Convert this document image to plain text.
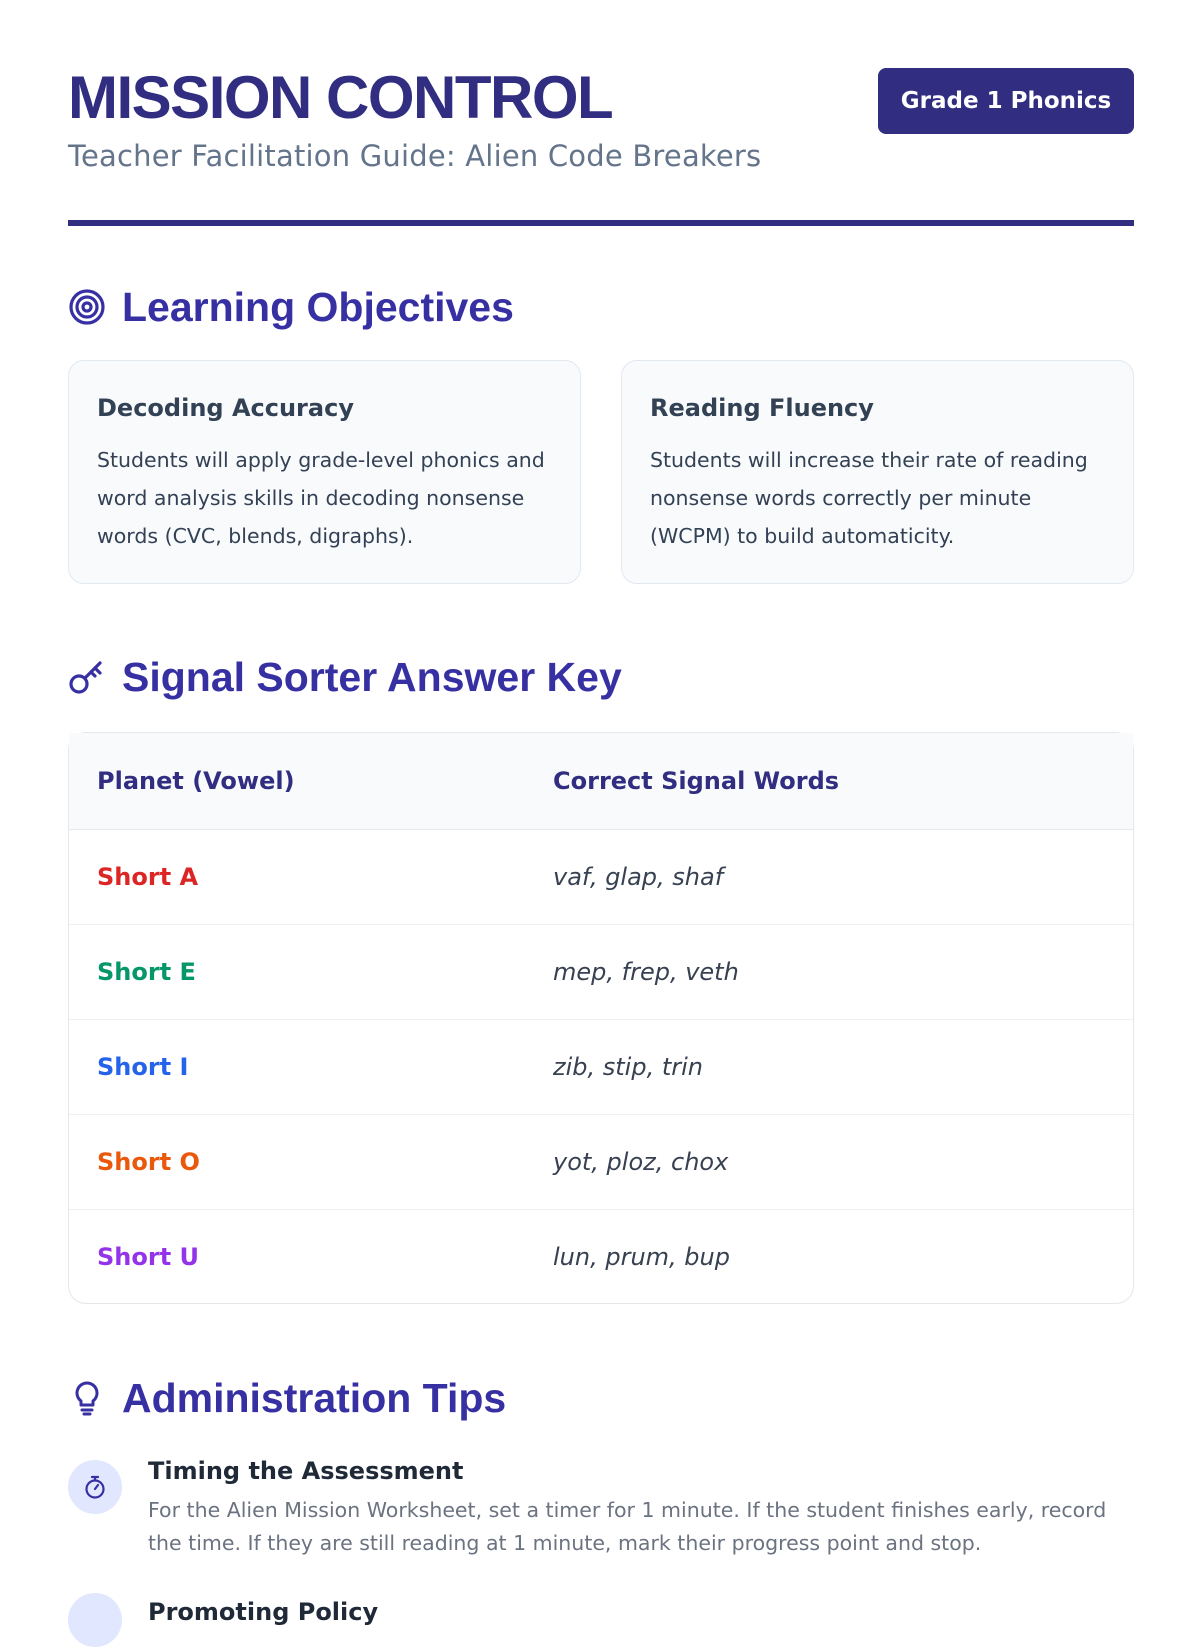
MISSION CONTROL

Teacher Facilitation Guide: Alien Code Breakers

Grade 1 Phonics
Learning Objectives

Decoding Accuracy

Students will apply grade-level phonics and word analysis skills in decoding nonsense words (CVC, blends, digraphs).

Reading Fluency

Students will increase their rate of reading nonsense words correctly per minute (WCPM) to build automaticity.

Signal Sorter Answer Key
Planet (Vowel)	Correct Signal Words
Short A	vaf, glap, shaf
Short E	mep, frep, veth
Short I	zib, stip, trin
Short O	yot, ploz, chox
Short U	lun, prum, bup
Administration Tips

Timing the Assessment

For the Alien Mission Worksheet, set a timer for 1 minute. If the student finishes early, record the time. If they are still reading at 1 minute, mark their progress point and stop.

Promoting Policy
